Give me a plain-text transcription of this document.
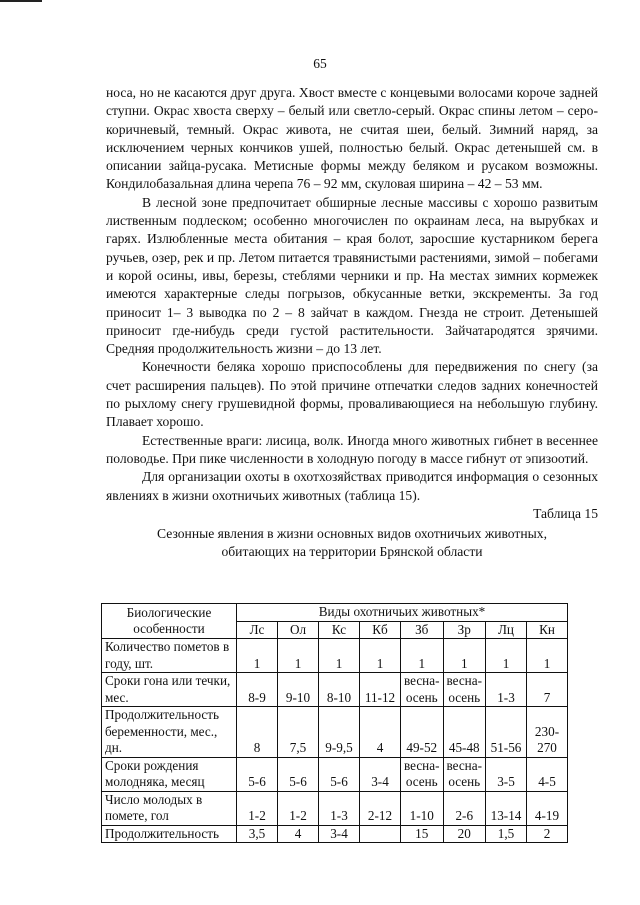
65

носа, но не касаются друг друга. Хвост вместе с концевыми волосами короче задней ступни. Окрас хвоста сверху – белый или светло-серый. Окрас спины летом – серо-коричневый, темный. Окрас живота, не считая шеи, белый. Зимний наряд, за исключением черных кончиков ушей, полностью белый. Окрас детенышей см. в описании зайца-русака. Метисные формы между беляком и русаком возможны. Кондилобазальная длина черепа 76 – 92 мм, скуловая ширина – 42 – 53 мм.

В лесной зоне предпочитает обширные лесные массивы с хорошо развитым лиственным подлеском; особенно многочислен по окраинам леса, на вырубках и гарях. Излюбленные места обитания – края болот, заросшие кустарником берега ручьев, озер, рек и пр. Летом питается травянистыми растениями, зимой – побегами и корой осины, ивы, березы, стеблями черники и пр. На местах зимних кормежек имеются характерные следы погрызов, обкусанные ветки, экскременты. За год приносит 1– 3 выводка по 2 – 8 зайчат в каждом. Гнезда не строит. Детенышей приносит где-нибудь среди густой растительности. Зайчатародятся зрячими. Средняя продолжительность жизни – до 13 лет.

Конечности беляка хорошо приспособлены для передвижения по снегу (за счет расширения пальцев). По этой причине отпечатки следов задних конечностей по рыхлому снегу грушевидной формы, проваливающиеся на небольшую глубину. Плавает хорошо.

Естественные враги: лисица, волк. Иногда много животных гибнет в весеннее половодье. При пике численности в холодную погоду в массе гибнут от эпизоотий.

Для организации охоты в охотхозяйствах приводится информация о сезонных явлениях в жизни охотничьих животных (таблица 15).

Таблица 15

Сезонные явления в жизни основных видов охотничьих животных,
обитающих на территории Брянской области

Биологические
особенности	Виды охотничьих животных*							
	Лс	Ол	Кс	Кб	Зб	Зр	Лц	Кн
Количество пометов в году, шт.	1	1	1	1	1	1	1	1

Сроки гона или течки, мес.	8-9	9-10	8-10	11-12	весна-
осень	весна-
осень	1-3	7

Продолжительность беременности, мес., дн.	8	7,5	9-9,5	4	49-52	45-48	51-56	230-
270

Сроки рождения молодняка, месяц	5-6	5-6	5-6	3-4	весна-
осень	весна-
осень	3-5	4-5

Число молодых в помете, гол	1-2	1-2	1-3	2-12	1-10	2-6	13-14	4-19

Продолжительность	3,5	4	3-4		15	20	1,5	2
